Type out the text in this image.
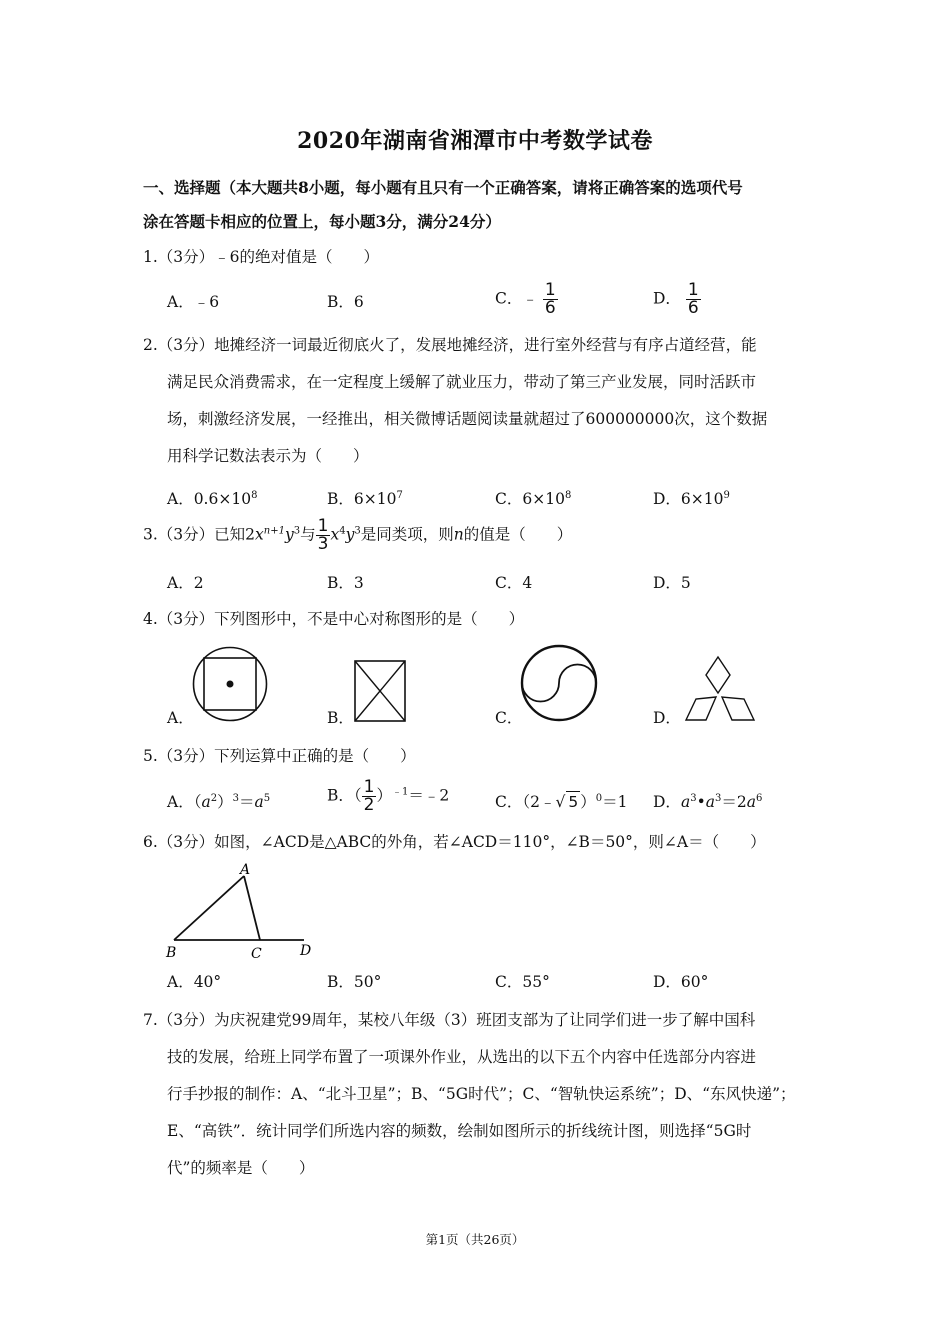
2020年湖南省湘潭市中考数学试卷
一、选择题（本大题共8小题，每小题有且只有一个正确答案，请将正确答案的选项代号
涂在答题卡相应的位置上，每小题3分，满分24分）
1.（3分）﹣6的绝对值是（　　）
A．﹣6	B．6	C．﹣ $\frac{1}{6}$	D． $\frac{1}{6}$
2.（3分）地摊经济一词最近彻底火了，发展地摊经济，进行室外经营与有序占道经营，能
满足民众消费需求，在一定程度上缓解了就业压力，带动了第三产业发展，同时活跃市
场，刺激经济发展，一经推出，相关微博话题阅读量就超过了600000000次，这个数据
用科学记数法表示为（　　）
A．$0.6\times 10^8$	B．$6\times 10^7$	C．$6\times 10^8$	D．$6\times 10^9$
3.（3分）已知$2x^{n+1}y^3$与 $\frac{1}{3} x^4y^3$是同类项，则n的值是（　　）
A．2	B．3	C．4	D．5
4.（3分）下列图形中，不是中心对称图形的是（　　）
A．	B．	C．	D．
5.（3分）下列运算中正确的是（　　）
A．$(a^2)^3=a^5$	B．（ $\frac{1}{2}$ ）$^{﹣1}$＝﹣2	C．（2﹣√ 5 ）$^0$＝1 D．$a^3•a^3=2a^6$
6.（3分）如图，∠ACD是△ABC的外角，若∠ACD＝110°，∠B＝50°，则∠A＝（　　）
A
B	C	D
A．40°	B．50°	C．55°	D．60°
7.（3分）为庆祝建党99周年，某校八年级（3）班团支部为了让同学们进一步了解中国科
技的发展，给班上同学布置了一项课外作业，从选出的以下五个内容中任选部分内容进
行手抄报的制作：A、“北斗卫星”；B、“5G时代”；C、“智轨快运系统”；D、“东风快递”；
E、“高铁”．统计同学们所选内容的频数，绘制如图所示的折线统计图，则选择“5G时
代”的频率是（　　）
第1页（共26页）
